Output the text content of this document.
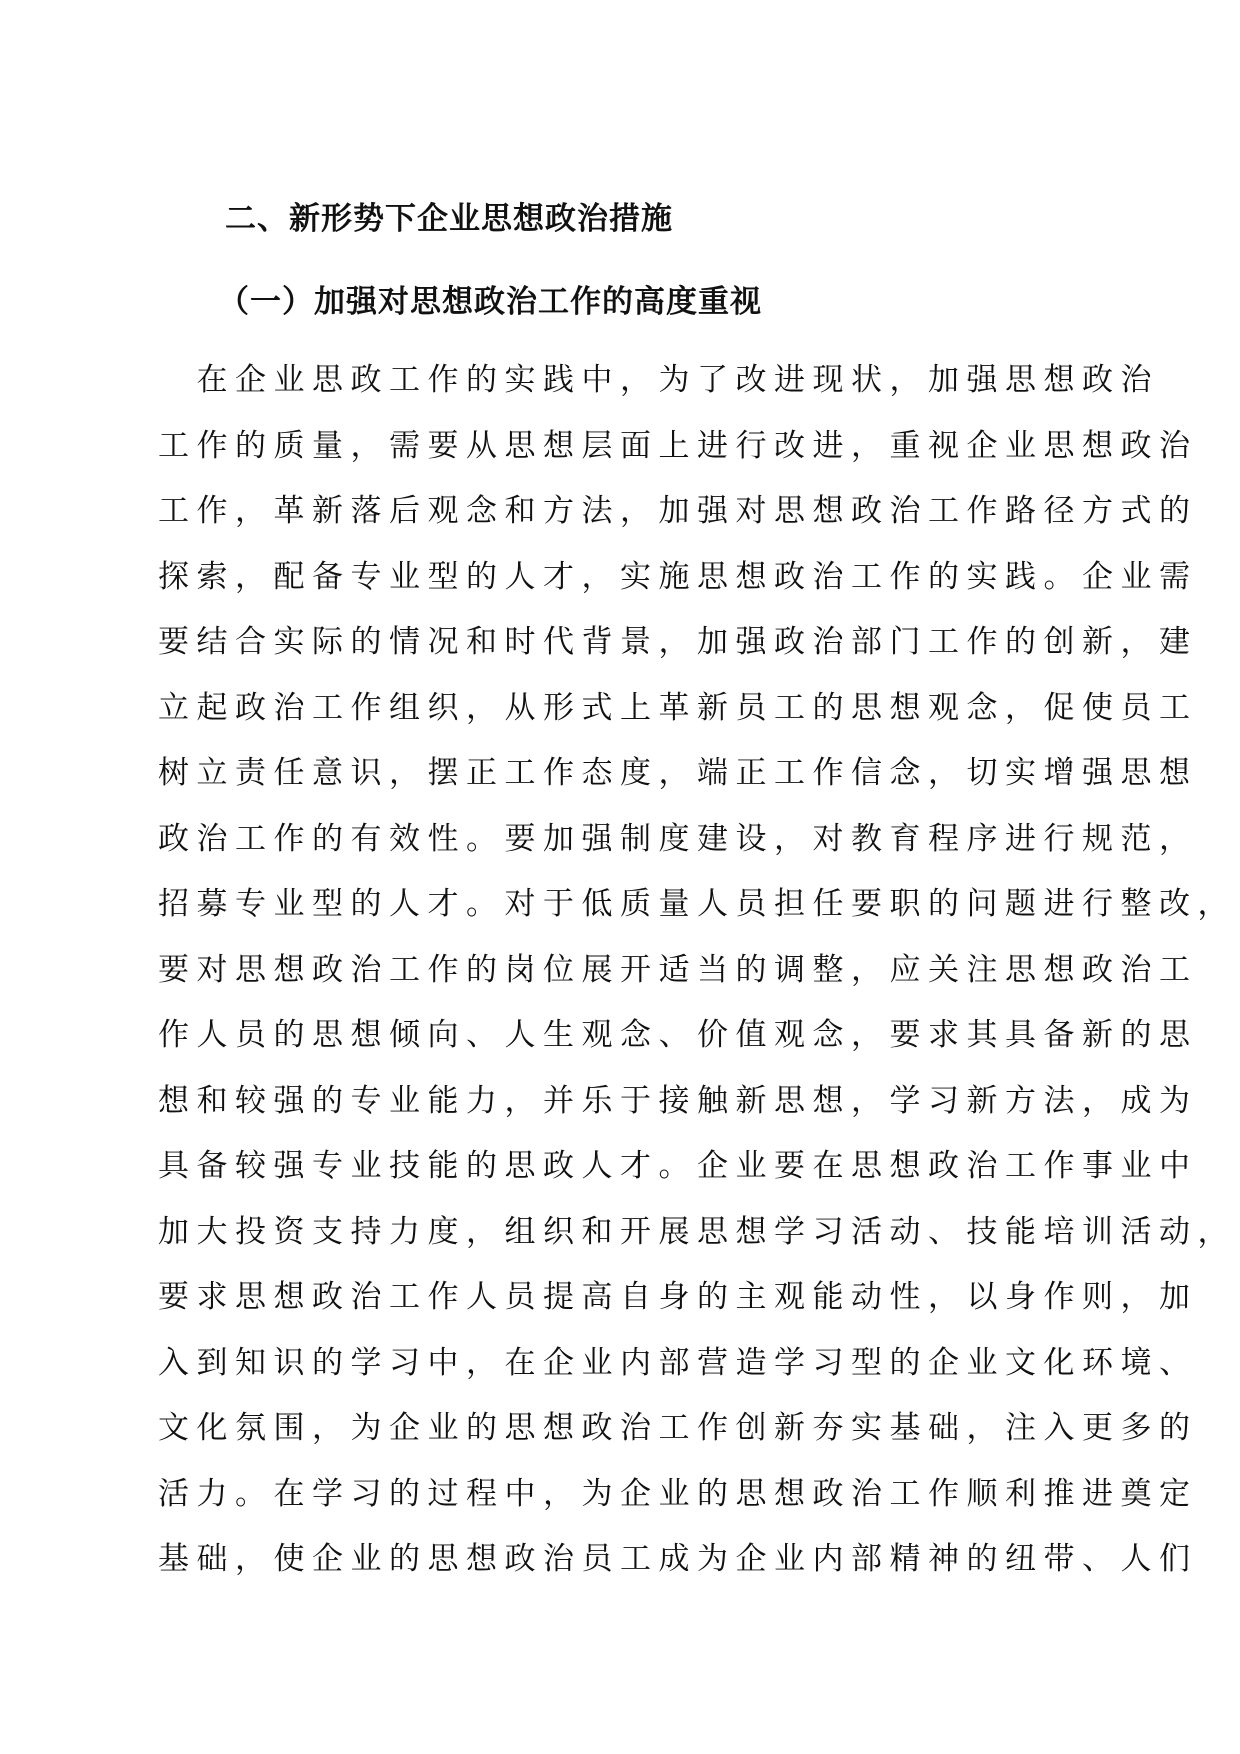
二、新形势下企业思想政治措施
（一）加强对思想政治工作的高度重视
　在企业思政工作的实践中，为了改进现状，加强思想政治
工作的质量，需要从思想层面上进行改进，重视企业思想政治
工作，革新落后观念和方法，加强对思想政治工作路径方式的
探索，配备专业型的人才，实施思想政治工作的实践。企业需
要结合实际的情况和时代背景，加强政治部门工作的创新，建
立起政治工作组织，从形式上革新员工的思想观念，促使员工
树立责任意识，摆正工作态度，端正工作信念，切实增强思想
政治工作的有效性。要加强制度建设，对教育程序进行规范，
招募专业型的人才。对于低质量人员担任要职的问题进行整改，
要对思想政治工作的岗位展开适当的调整，应关注思想政治工
作人员的思想倾向、人生观念、价值观念，要求其具备新的思
想和较强的专业能力，并乐于接触新思想，学习新方法，成为
具备较强专业技能的思政人才。企业要在思想政治工作事业中
加大投资支持力度，组织和开展思想学习活动、技能培训活动，
要求思想政治工作人员提高自身的主观能动性，以身作则，加
入到知识的学习中，在企业内部营造学习型的企业文化环境、
文化氛围，为企业的思想政治工作创新夯实基础，注入更多的
活力。在学习的过程中，为企业的思想政治工作顺利推进奠定
基础，使企业的思想政治员工成为企业内部精神的纽带、人们
